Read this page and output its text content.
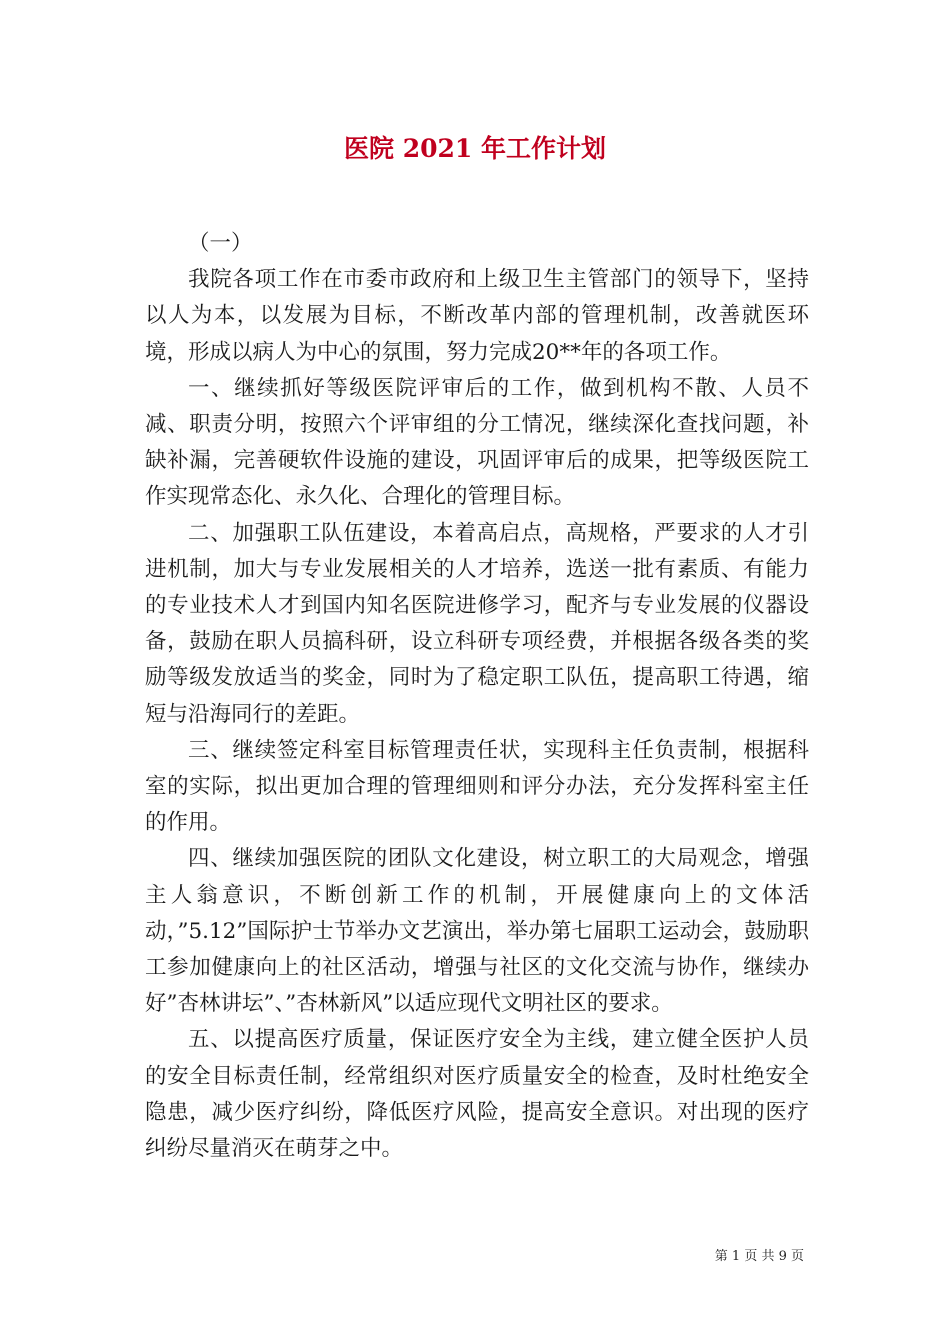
医院 2021 年工作计划

（一）

我院各项工作在市委市政府和上级卫生主管部门的领导下，坚持以人为本，以发展为目标，不断改革内部的管理机制，改善就医环境，形成以病人为中心的氛围，努力完成20**年的各项工作。

一、继续抓好等级医院评审后的工作，做到机构不散、人员不减、职责分明，按照六个评审组的分工情况，继续深化查找问题，补缺补漏，完善硬软件设施的建设，巩固评审后的成果，把等级医院工作实现常态化、永久化、合理化的管理目标。

二、加强职工队伍建设，本着高启点，高规格，严要求的人才引进机制，加大与专业发展相关的人才培养，选送一批有素质、有能力的专业技术人才到国内知名医院进修学习，配齐与专业发展的仪器设备，鼓励在职人员搞科研，设立科研专项经费，并根据各级各类的奖励等级发放适当的奖金，同时为了稳定职工队伍，提高职工待遇，缩短与沿海同行的差距。

三、继续签定科室目标管理责任状，实现科主任负责制，根据科室的实际，拟出更加合理的管理细则和评分办法，充分发挥科室主任的作用。

四、继续加强医院的团队文化建设，树立职工的大局观念，增强主人翁意识，不断创新工作的机制，开展健康向上的文体活动，”5.12”国际护士节举办文艺演出，举办第七届职工运动会，鼓励职工参加健康向上的社区活动，增强与社区的文化交流与协作，继续办好”杏林讲坛”、”杏林新风”以适应现代文明社区的要求。

五、以提高医疗质量，保证医疗安全为主线，建立健全医护人员的安全目标责任制，经常组织对医疗质量安全的检查，及时杜绝安全隐患，减少医疗纠纷，降低医疗风险，提高安全意识。对出现的医疗纠纷尽量消灭在萌芽之中。

第 1 页 共 9 页
